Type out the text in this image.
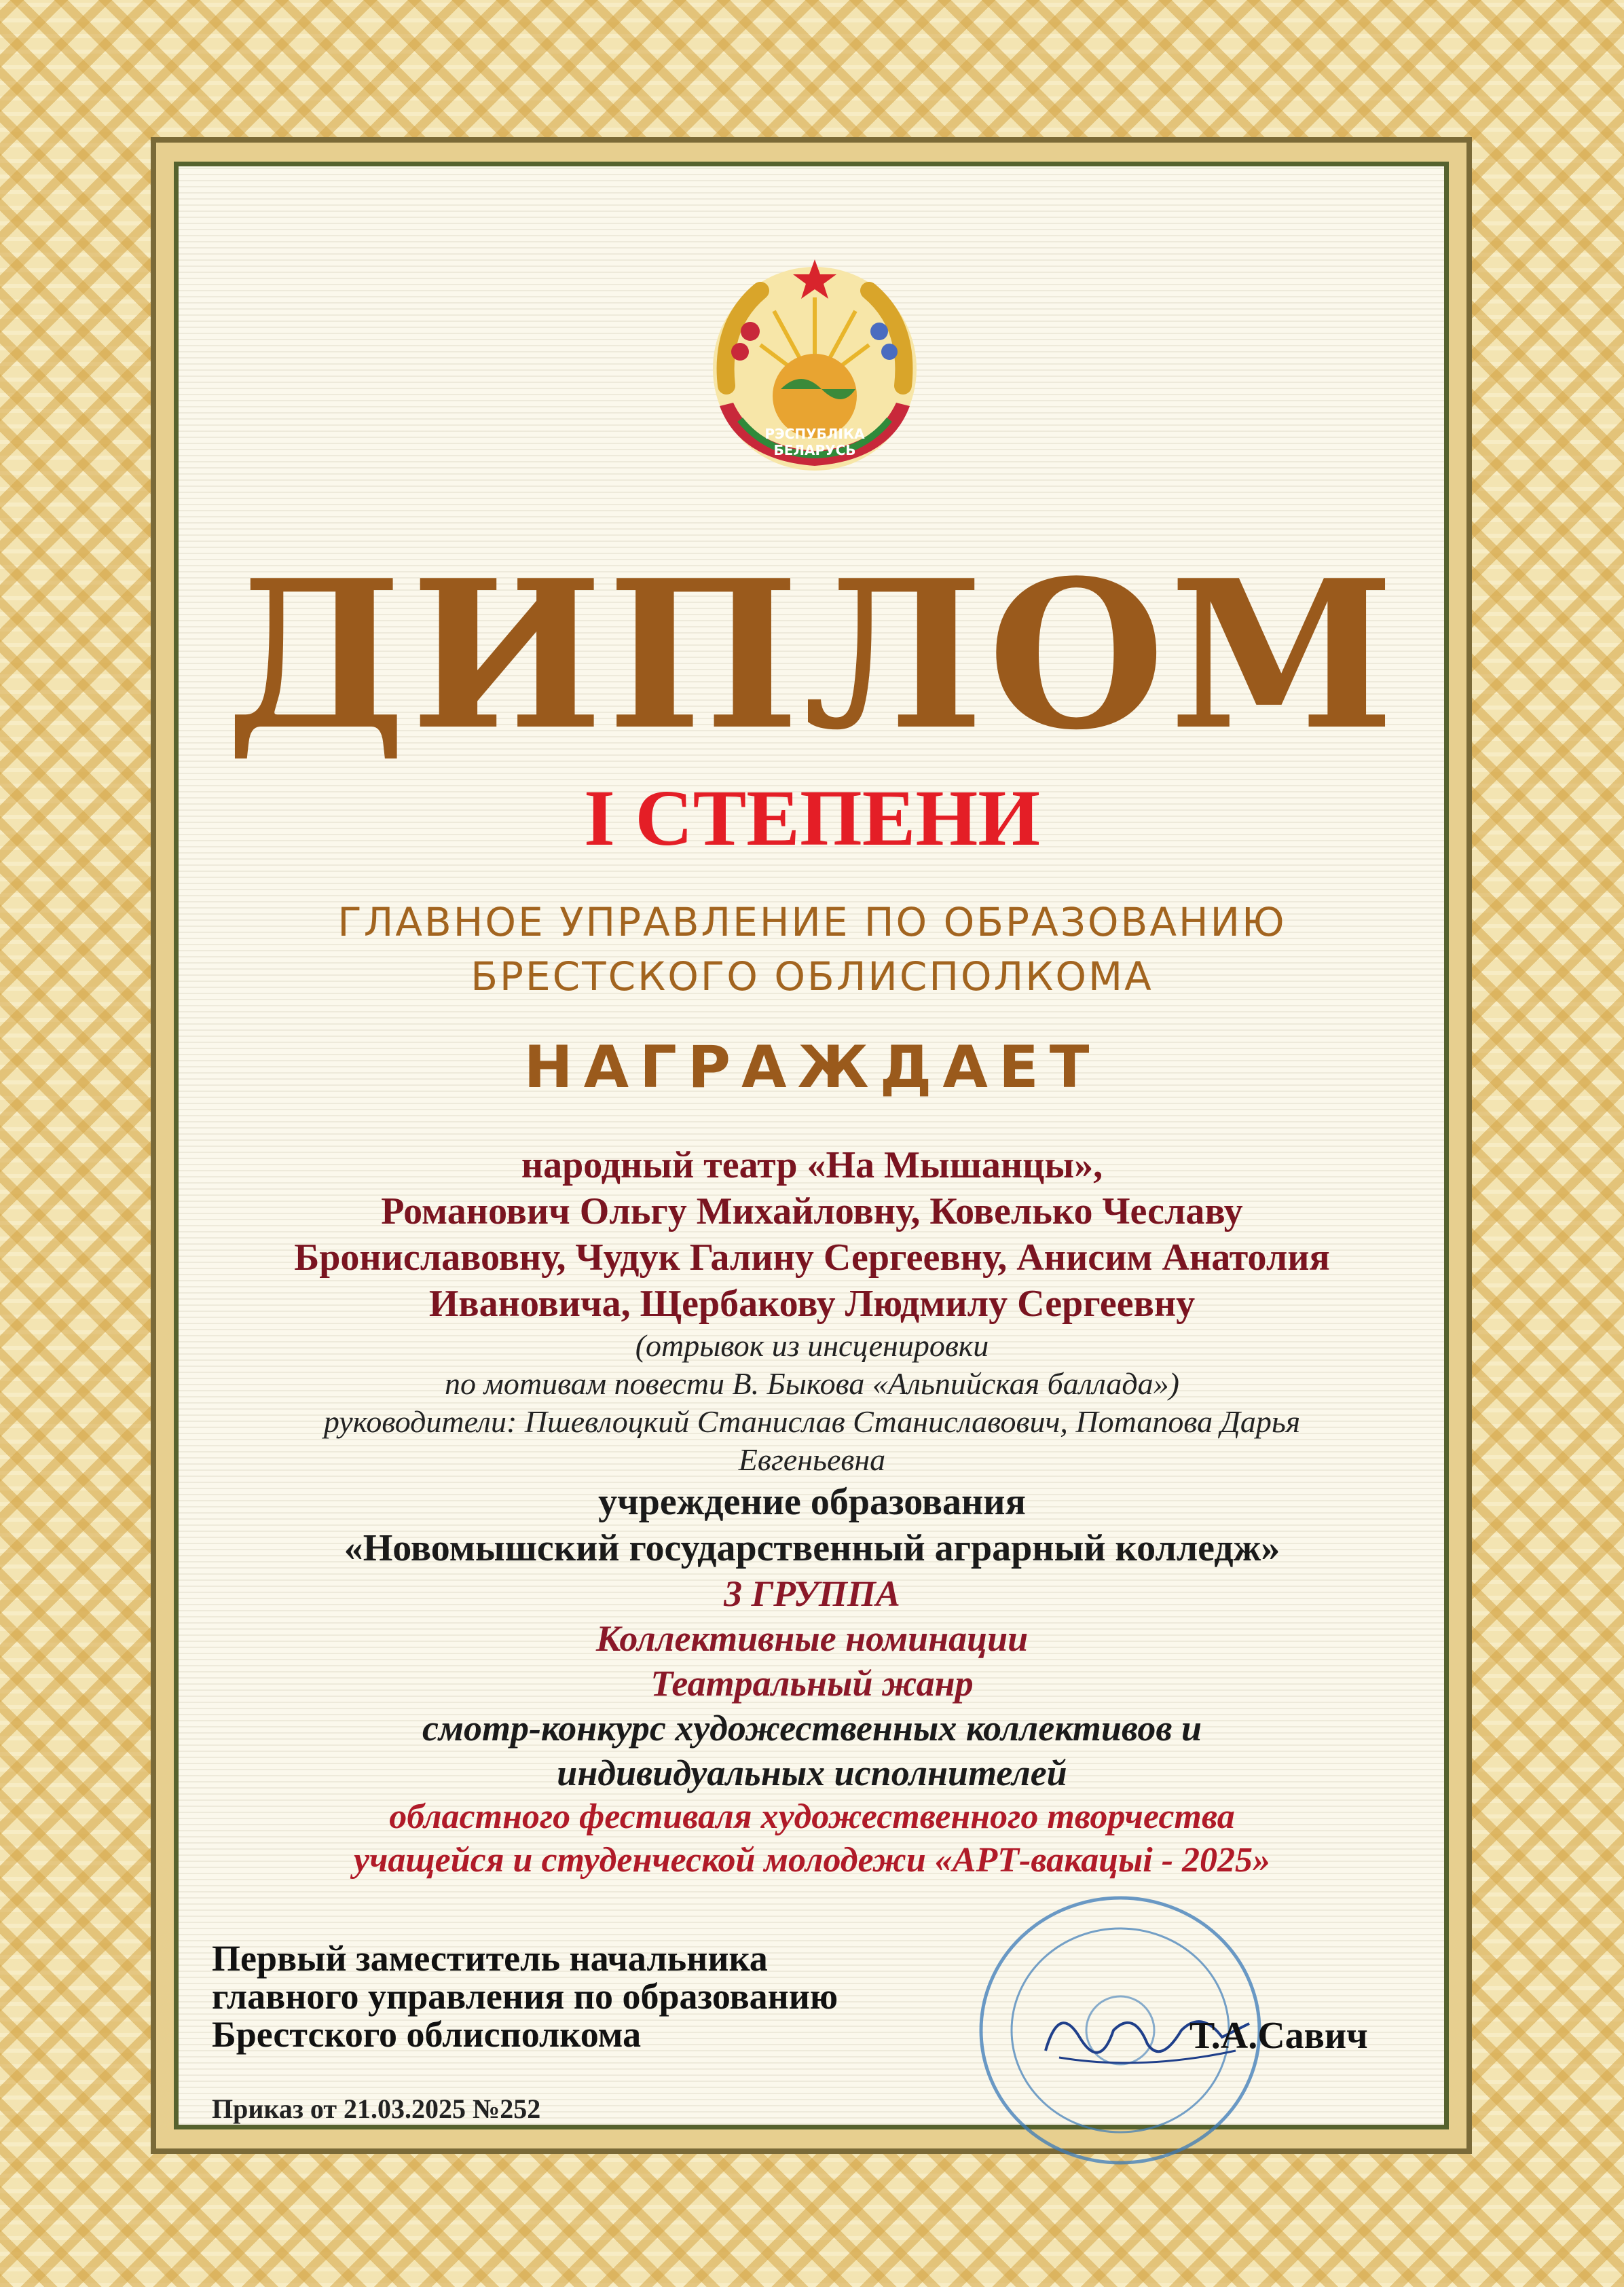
РЭСПУБЛІКА
БЕЛАРУСЬ
ДИПЛОМ
I СТЕПЕНИ
ГЛАВНОЕ УПРАВЛЕНИЕ ПО ОБРАЗОВАНИЮ
БРЕСТСКОГО ОБЛИСПОЛКОМА
НАГРАЖДАЕТ
народный театр «На Мышанцы»,
Романович Ольгу Михайловну, Ковелько Чеславу
Брониславовну, Чудук Галину Сергеевну, Анисим Анатолия
Ивановича, Щербакову Людмилу Сергеевну
(отрывок из инсценировки
по мотивам повести В. Быкова «Альпийская баллада»)
руководители: Пшевлоцкий Станислав Станиславович, Потапова Дарья
Евгеньевна
учреждение образования
«Новомышский государственный аграрный колледж»
3 ГРУППА
Коллективные номинации
Театральный жанр
смотр-конкурс художественных коллективов и
индивидуальных исполнителей
областного фестиваля художественного творчества
учащейся и студенческой молодежи «АРТ-вакацыі - 2025»
Первый заместитель начальника
главного управления по образованию
Брестского облисполкома	Т.А.Савич
Приказ от 21.03.2025 №252
